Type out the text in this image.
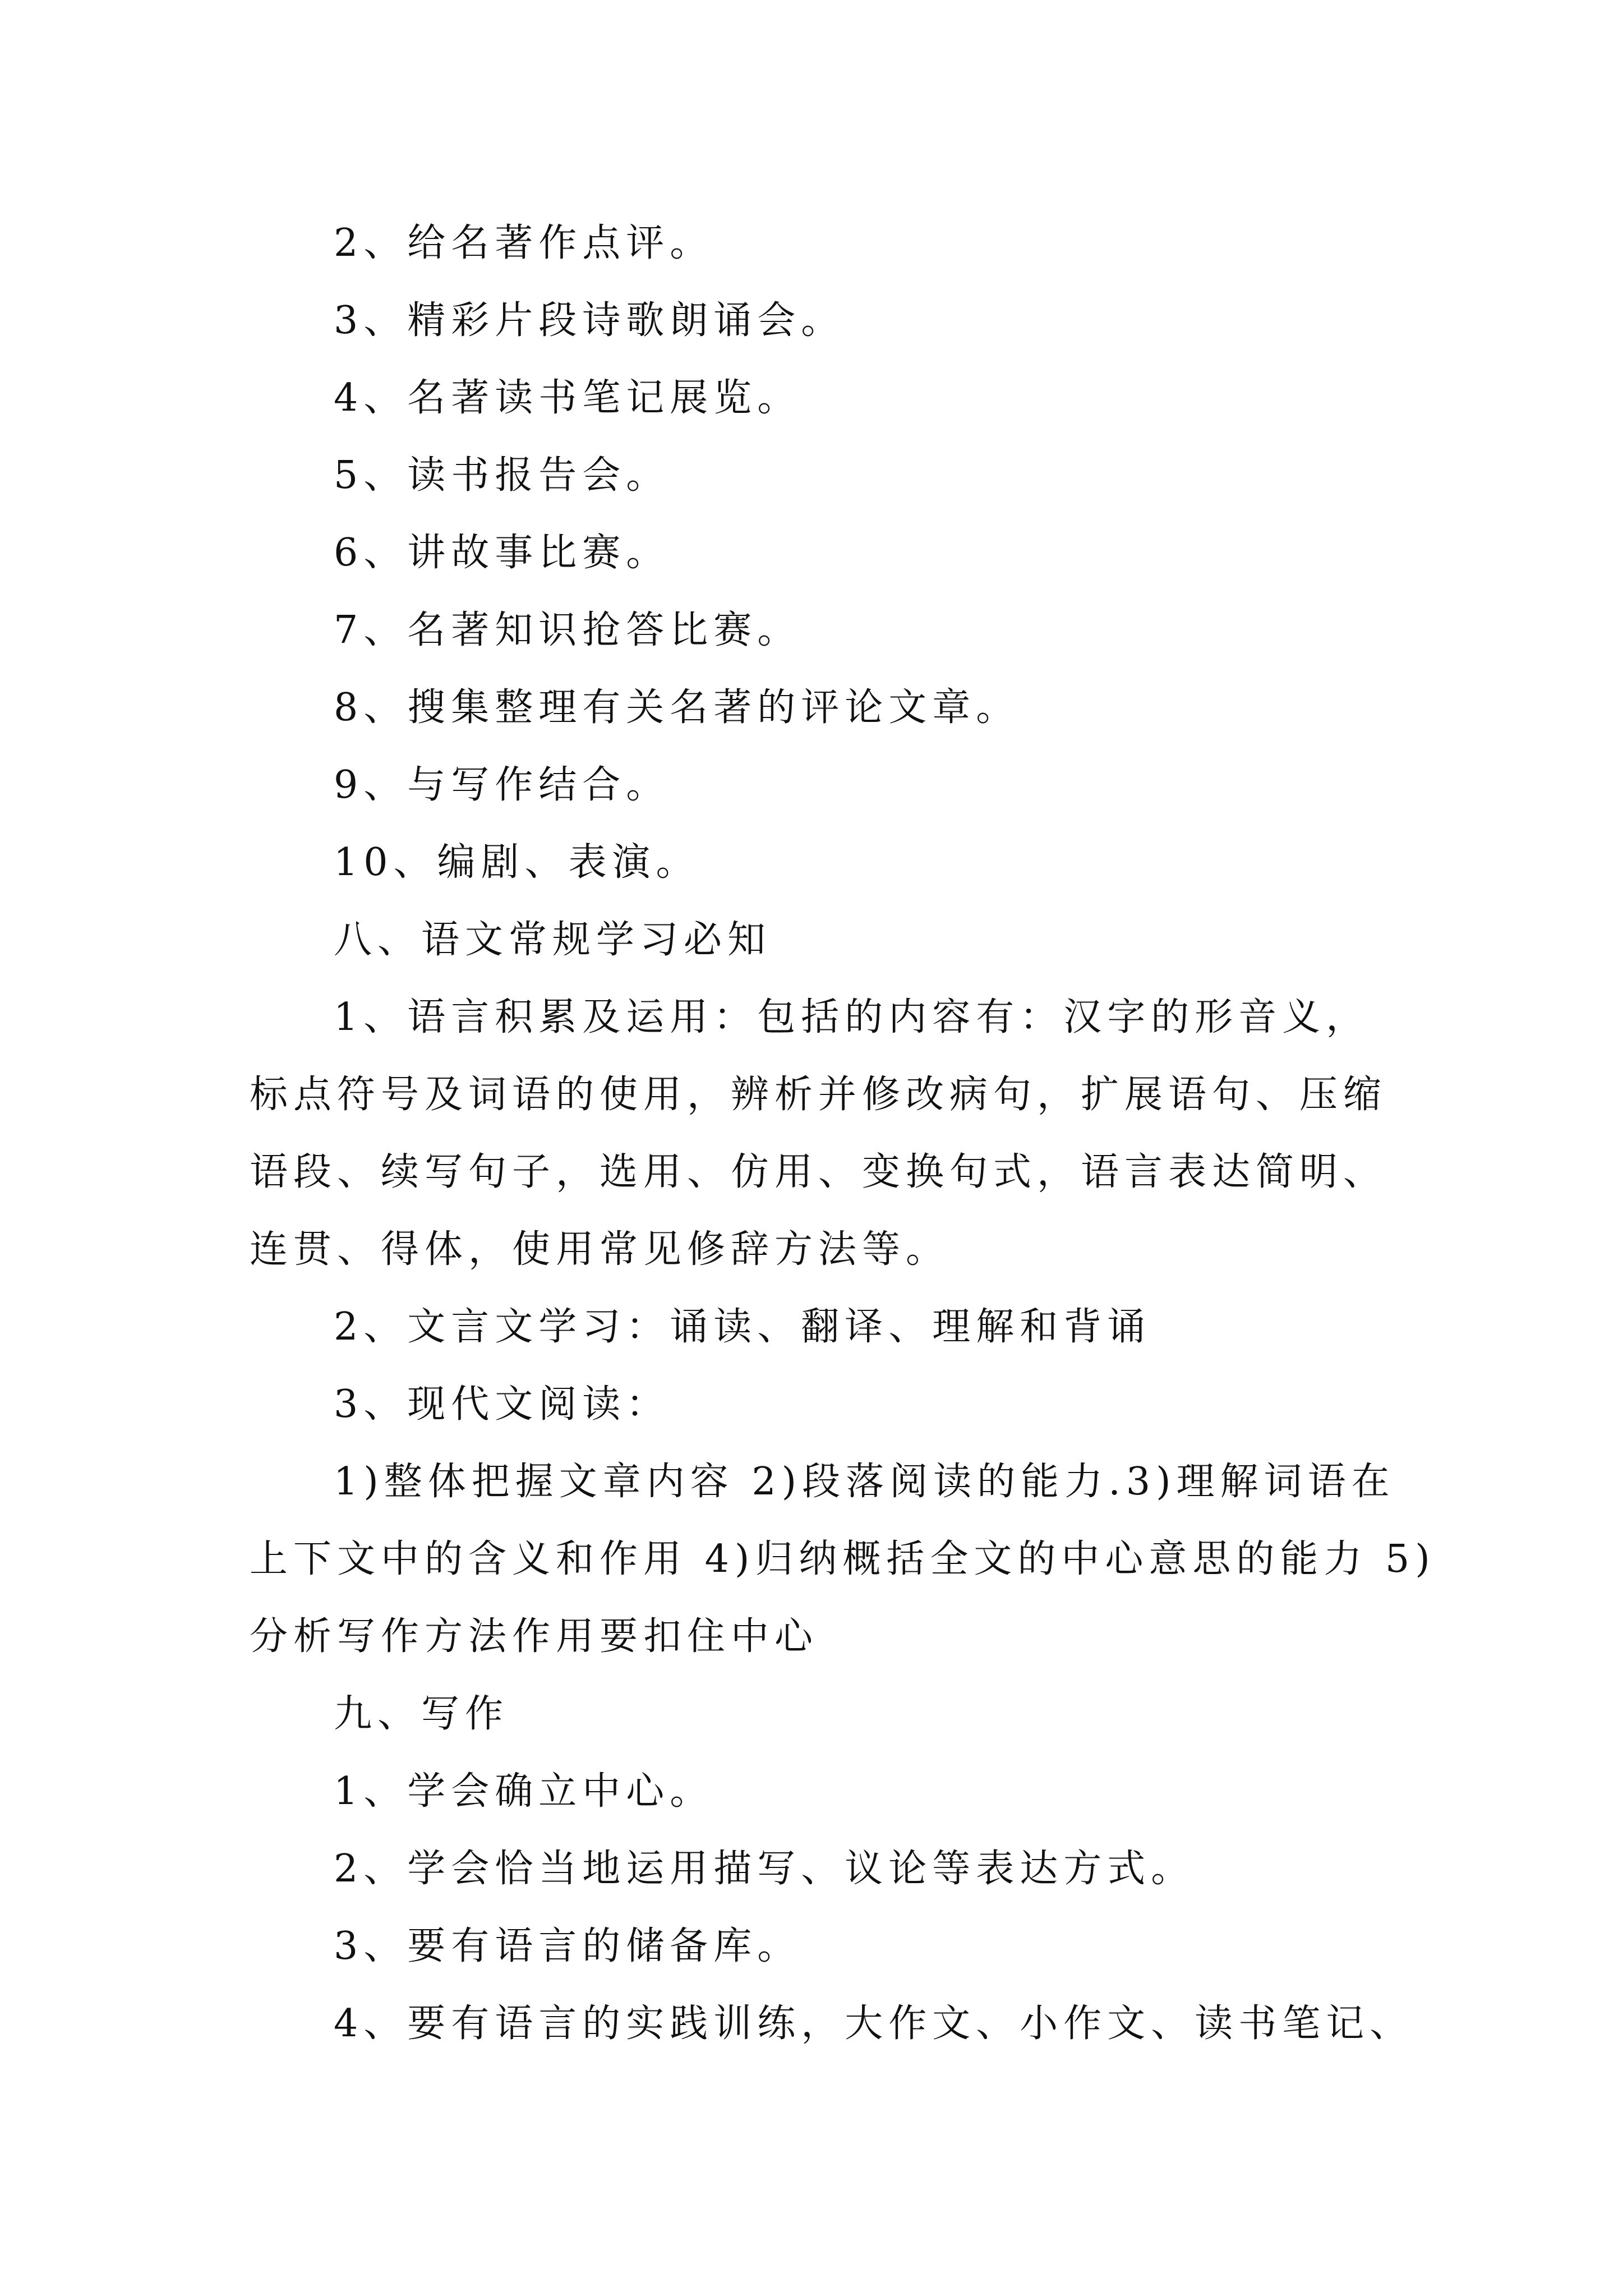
2、给名著作点评。
3、精彩片段诗歌朗诵会。
4、名著读书笔记展览。
5、读书报告会。
6、讲故事比赛。
7、名著知识抢答比赛。
8、搜集整理有关名著的评论文章。
9、与写作结合。
10、编剧、表演。
八、语文常规学习必知
1、语言积累及运用：包括的内容有：汉字的形音义，
标点符号及词语的使用，辨析并修改病句，扩展语句、压缩
语段、续写句子，选用、仿用、变换句式，语言表达简明、
连贯、得体，使用常见修辞方法等。
2、文言文学习：诵读、翻译、理解和背诵
3、现代文阅读：
1)整体把握文章内容 2)段落阅读的能力.3)理解词语在
上下文中的含义和作用 4)归纳概括全文的中心意思的能力 5)
分析写作方法作用要扣住中心
九、写作
1、学会确立中心。
2、学会恰当地运用描写、议论等表达方式。
3、要有语言的储备库。
4、要有语言的实践训练，大作文、小作文、读书笔记、
